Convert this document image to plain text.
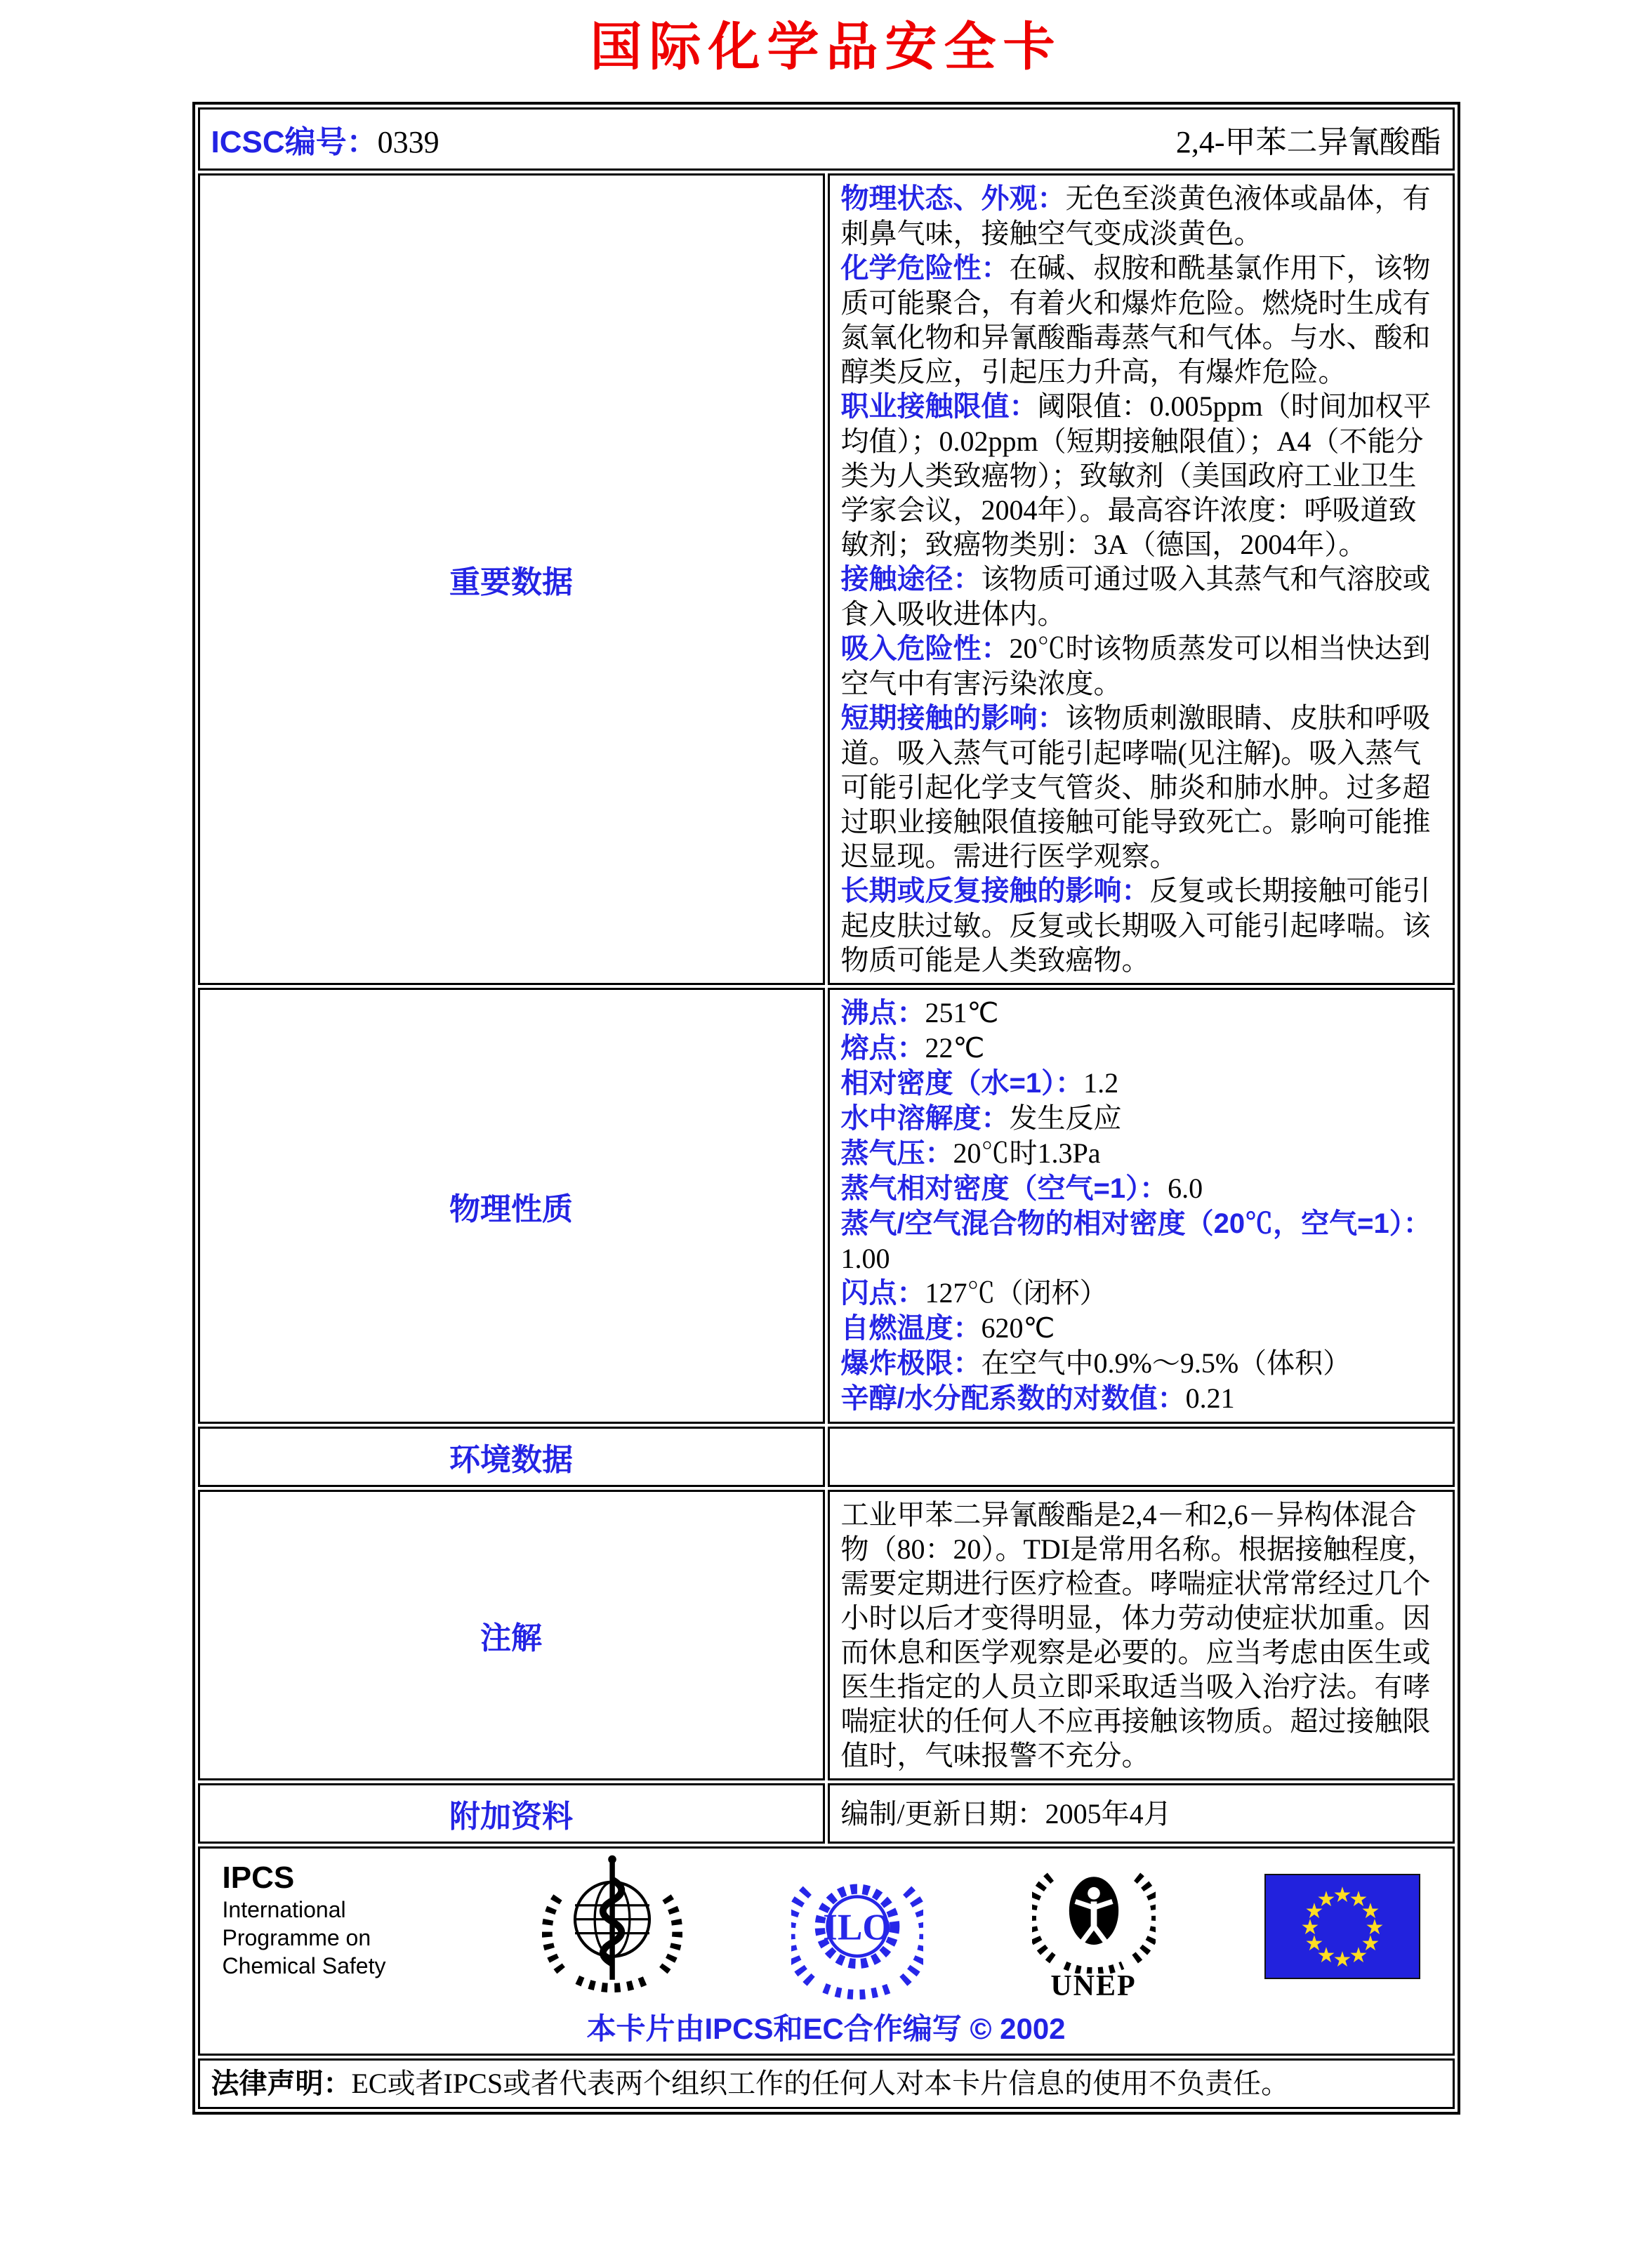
国际化学品安全卡
ICSC编号：0339 2,4-甲苯二异氰酸酯	

重要数据	
物理状态、外观：无色至淡黄色液体或晶体，有刺鼻气味，接触空气变成淡黄色。
化学危险性：在碱、叔胺和酰基氯作用下，该物质可能聚合，有着火和爆炸危险。燃烧时生成有氮氧化物和异氰酸酯毒蒸气和气体。与水、酸和醇类反应，引起压力升高，有爆炸危险。
职业接触限值：阈限值：0.005ppm（时间加权平均值）；0.02ppm（短期接触限值）；A4（不能分类为人类致癌物）；致敏剂（美国政府工业卫生学家会议，2004年）。最高容许浓度：呼吸道致敏剂；致癌物类别：3A（德国，2004年）。
接触途径：该物质可通过吸入其蒸气和气溶胶或食入吸收进体内。
吸入危险性：20℃时该物质蒸发可以相当快达到空气中有害污染浓度。
短期接触的影响：该物质刺激眼睛、皮肤和呼吸道。吸入蒸气可能引起哮喘(见注解)。吸入蒸气可能引起化学支气管炎、肺炎和肺水肿。过多超过职业接触限值接触可能导致死亡。影响可能推迟显现。需进行医学观察。
长期或反复接触的影响：反复或长期接触可能引起皮肤过敏。反复或长期吸入可能引起哮喘。该物质可能是人类致癌物。

物理性质	
沸点：251℃
熔点：22℃
相对密度（水=1）：1.2
水中溶解度：发生反应
蒸气压：20℃时1.3Pa
蒸气相对密度（空气=1）：6.0
蒸气/空气混合物的相对密度（20℃，空气=1）：1.00
闪点：127℃（闭杯）
自燃温度：620℃
爆炸极限：在空气中0.9%～9.5%（体积）
辛醇/水分配系数的对数值：0.21

环境数据	
注解	工业甲苯二异氰酸酯是2,4－和2,6－异构体混合物（80：20）。TDI是常用名称。根据接触程度，需要定期进行医疗检查。哮喘症状常常经过几个小时以后才变得明显，体力劳动使症状加重。因而休息和医学观察是必要的。应当考虑由医生或医生指定的人员立即采取适当吸入治疗法。有哮喘症状的任何人不应再接触该物质。超过接触限值时，气味报警不充分。
附加资料	编制/更新日期：2005年4月

IPCS
International
Programme on
Chemical Safety
ILO
UNEP
★
★
★
★
★
★
★
★
★
★
★
★
本卡片由IPCS和EC合作编写 © 2002

法律声明：EC或者IPCS或者代表两个组织工作的任何人对本卡片信息的使用不负责任。	
